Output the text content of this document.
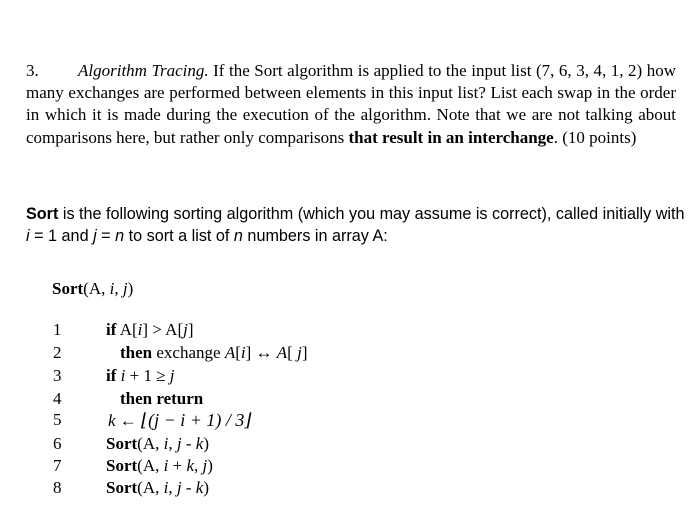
3. Algorithm Tracing. If the Sort algorithm is applied to the input list (7, 6, 3, 4, 1, 2) how many exchanges are performed between elements in this input list? List each swap in the order in which it is made during the execution of the algorithm. Note that we are not talking about comparisons here, but rather only comparisons that result in an interchange. (10 points)
Sort is the following sorting algorithm (which you may assume is correct), called initially with i = 1 and j = n to sort a list of n numbers in array A:
Sort(A, i, j)
1	if A[i] > A[j]
2	then exchange A[i] ↔ A[ j]
3	if i + 1 ≥ j
4	then return
5	k ← ⌊(j − i + 1) / 3⌋
6	Sort(A, i, j - k)
7	Sort(A, i + k, j)
8	Sort(A, i, j - k)
